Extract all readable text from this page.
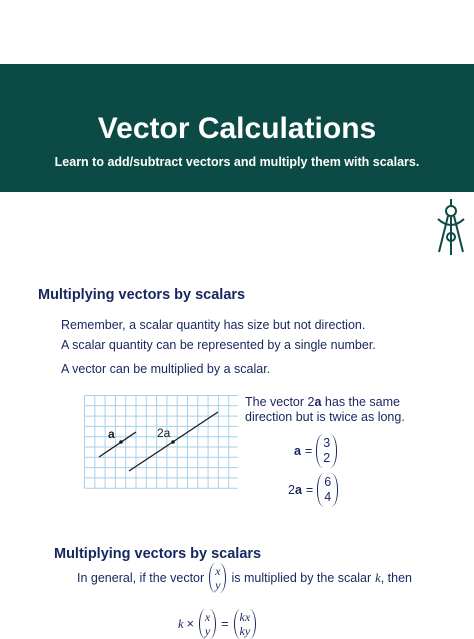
Vector Calculations
Learn to add/subtract vectors and multiply them with scalars.
Multiplying vectors by scalars
Remember, a scalar quantity has size but not direction.
A scalar quantity can be represented by a single number.
A vector can be multiplied by a scalar.
a	2a
The vector 2a has the same
direction but is twice as long.
a =
3
2
2 a =
6
4
Multiplying vectors by scalars
In general, if the vector x
y is multiplied by the scalar k , then
k × x
y = kx
ky
